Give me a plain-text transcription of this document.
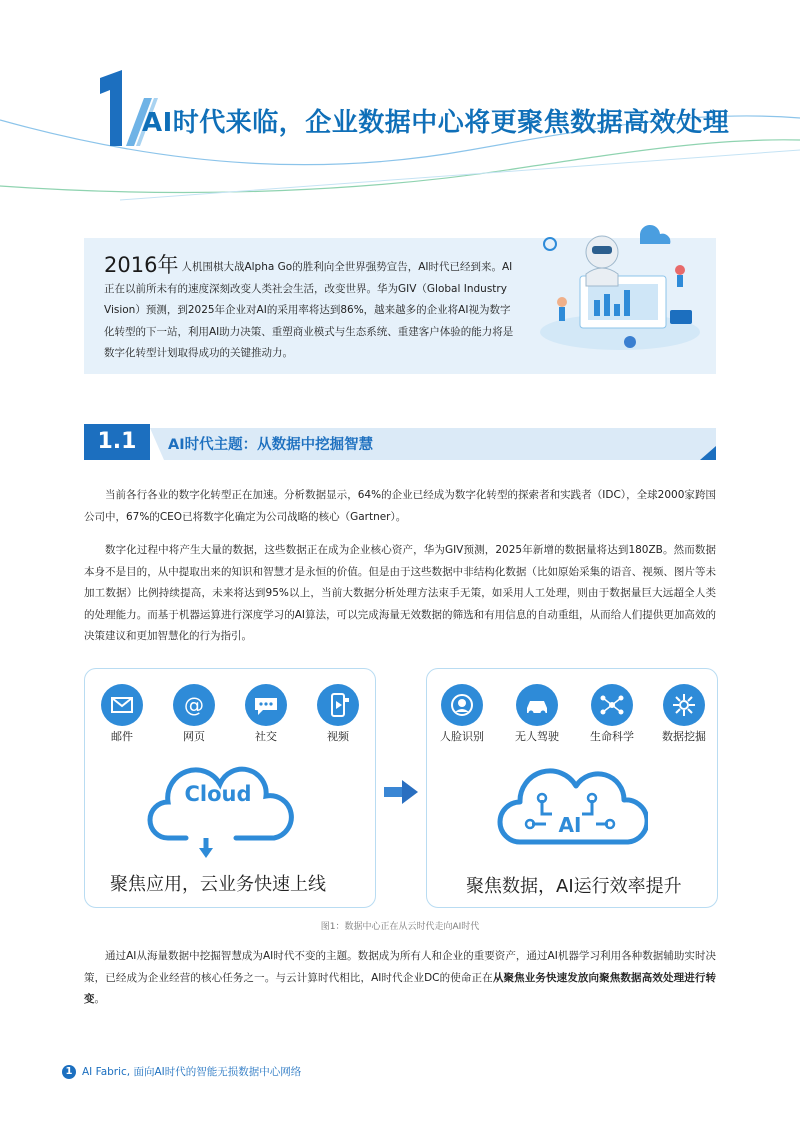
AI时代来临，企业数据中心将更聚焦数据高效处理
2016年 人机围棋大战Alpha Go的胜利向全世界强势宣告，AI时代已经到来。AI正在以前所未有的速度深刻改变人类社会生活，改变世界。华为GIV（Global Industry Vision）预测，到2025年企业对AI的采用率将达到86%，越来越多的企业将AI视为数字化转型的下一站，利用AI助力决策、重塑商业模式与生态系统、重建客户体验的能力将是数字化转型计划取得成功的关键推动力。
1.1	AI时代主题：从数据中挖掘智慧
当前各行各业的数字化转型正在加速。分析数据显示，64%的企业已经成为数字化转型的探索者和实践者（IDC），全球2000家跨国公司中，67%的CEO已将数字化确定为公司战略的核心（Gartner）。
数字化过程中将产生大量的数据，这些数据正在成为企业核心资产，华为GIV预测，2025年新增的数据量将达到180ZB。然而数据本身不是目的，从中提取出来的知识和智慧才是永恒的价值。但是由于这些数据中非结构化数据（比如原始采集的语音、视频、图片等未加工数据）比例持续提高，未来将达到95%以上，当前大数据分析处理方法束手无策，如采用人工处理，则由于数据量巨大远超全人类的处理能力。而基于机器运算进行深度学习的AI算法，可以完成海量无效数据的筛选和有用信息的自动重组，从而给人们提供更加高效的决策建议和更加智慧化的行为指引。
邮件
@
网页	社交	视频
Cloud
聚焦应用，云业务快速上线
人脸识别	无人驾驶	生命科学	数据挖掘
AI
聚焦数据，AI运行效率提升
图1：数据中心正在从云时代走向AI时代
通过AI从海量数据中挖掘智慧成为AI时代不变的主题。数据成为所有人和企业的重要资产，通过AI机器学习利用各种数据辅助实时决策，已经成为企业经营的核心任务之一。与云计算时代相比，AI时代企业DC的使命正在从聚焦业务快速发放向聚焦数据高效处理进行转变。
1 AI Fabric, 面向AI时代的智能无损数据中心网络
